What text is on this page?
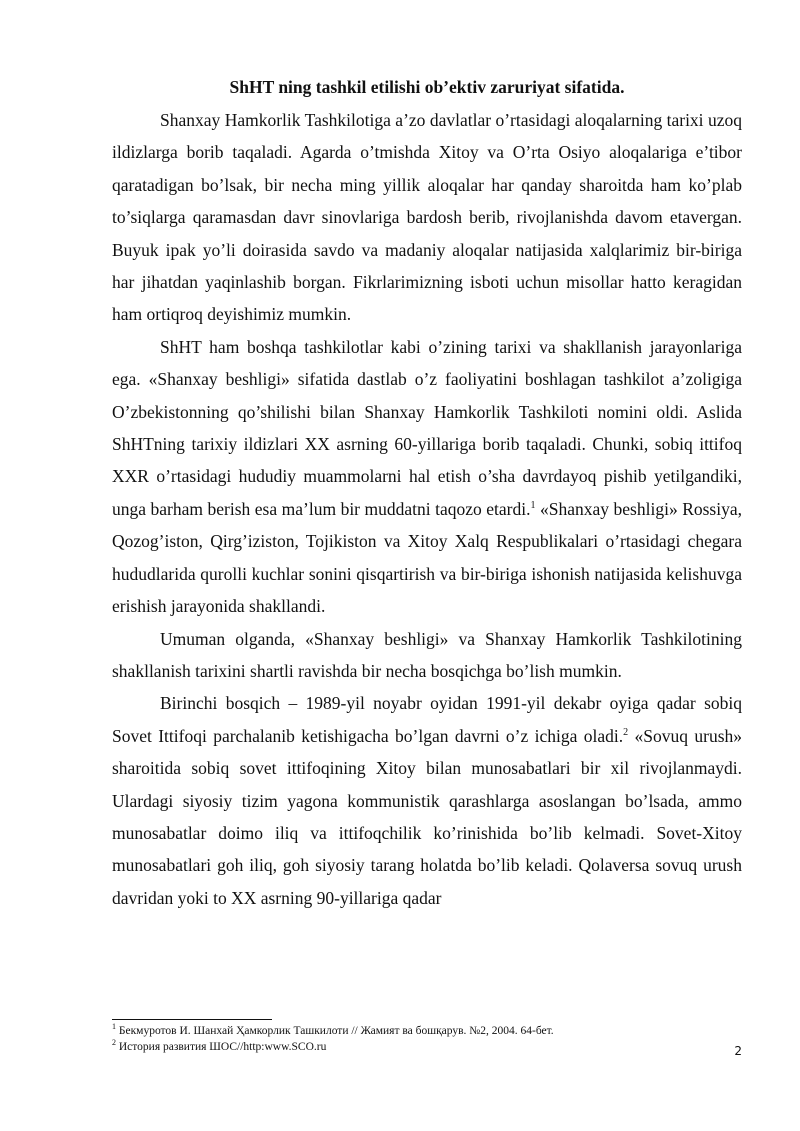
ShHT ning tashkil etilishi ob’ektiv zaruriyat sifatida.

Shanxay Hamkorlik Tashkilotiga a’zo davlatlar o’rtasidagi aloqalarning tarixi uzoq ildizlarga borib taqaladi. Agarda o’tmishda Xitoy va O’rta Osiyo aloqalariga e’tibor qaratadigan bo’lsak, bir necha ming yillik aloqalar har qanday sharoitda ham ko’plab to’siqlarga qaramasdan davr sinovlariga bardosh berib, rivojlanishda davom etavergan. Buyuk ipak yo’li doirasida savdo va madaniy aloqalar natijasida xalqlarimiz bir-biriga har jihatdan yaqinlashib borgan. Fikrlarimizning isboti uchun misollar hatto keragidan ham ortiqroq deyishimiz mumkin.

ShHT ham boshqa tashkilotlar kabi o’zining tarixi va shakllanish jarayonlariga ega. «Shanxay beshligi» sifatida dastlab o’z faoliyatini boshlagan tashkilot a’zoligiga O’zbekistonning qo’shilishi bilan Shanxay Hamkorlik Tashkiloti nomini oldi. Aslida ShHTning tarixiy ildizlari XX asrning 60-yillariga borib taqaladi. Chunki, sobiq ittifoq XXR o’rtasidagi hududiy muammolarni hal etish o’sha davrdayoq pishib yetilgandiki, unga barham berish esa ma’lum bir muddatni taqozo etardi.$^1$ «Shanxay beshligi» Rossiya, Qozog’iston, Qirg’iziston, Tojikiston va Xitoy Xalq Respublikalari o’rtasidagi chegara hududlarida qurolli kuchlar sonini qisqartirish va bir-biriga ishonish natijasida kelishuvga erishish jarayonida shakllandi.

Umuman olganda, «Shanxay beshligi» va Shanxay Hamkorlik Tashkilotining shakllanish tarixini shartli ravishda bir necha bosqichga bo’lish mumkin.

Birinchi bosqich – 1989-yil noyabr oyidan 1991-yil dekabr oyiga qadar sobiq Sovet Ittifoqi parchalanib ketishigacha bo’lgan davrni o’z ichiga oladi.$^2$ «Sovuq urush» sharoitida sobiq sovet ittifoqining Xitoy bilan munosabatlari bir xil rivojlanmaydi. Ulardagi siyosiy tizim yagona kommunistik qarashlarga asoslangan bo’lsada, ammo munosabatlar doimo iliq va ittifoqchilik ko’rinishida bo’lib kelmadi. Sovet-Xitoy munosabatlari goh iliq, goh siyosiy tarang holatda bo’lib keladi. Qolaversa sovuq urush davridan yoki to XX asrning 90-yillariga qadar

$^1$ Бекмуротов И. Шанхай Ҳамкорлик Ташкилоти // Жамият ва бошқарув. №2, 2004. 64-бет.
$^2$ История развития ШОС//http:www.SCO.ru	2
